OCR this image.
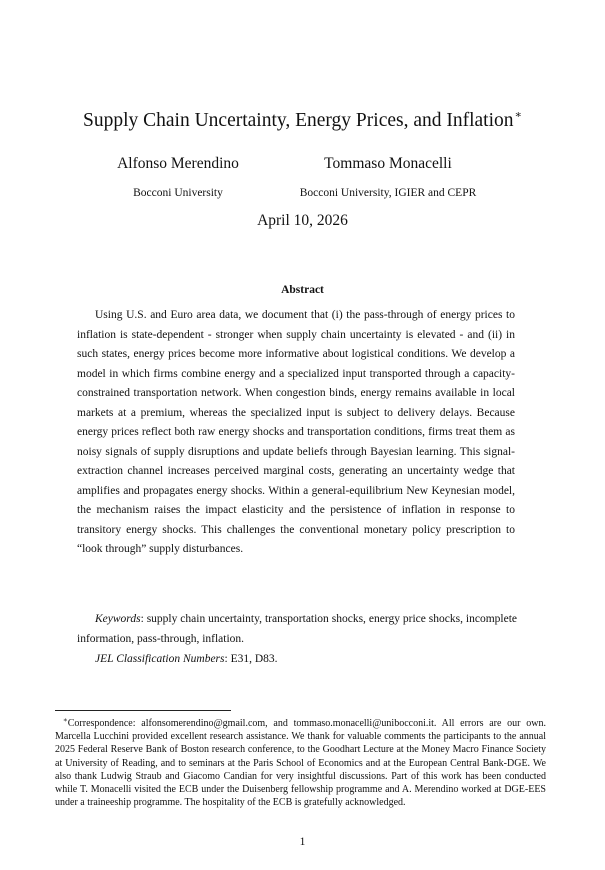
Supply Chain Uncertainty, Energy Prices, and Inflation∗
Alfonso Merendino
Bocconi University
Tommaso Monacelli
Bocconi University, IGIER and CEPR
April 10, 2026
Abstract

Using U.S. and Euro area data, we document that (i) the pass-through of energy prices to inflation is state-dependent - stronger when supply chain uncertainty is elevated - and (ii) in such states, energy prices become more informative about logistical conditions. We develop a model in which firms combine energy and a specialized input transported through a capacity-constrained transportation network. When congestion binds, energy remains available in local markets at a premium, whereas the specialized input is subject to delivery delays. Because energy prices reflect both raw energy shocks and transportation conditions, firms treat them as noisy signals of supply disruptions and update beliefs through Bayesian learning. This signal-extraction channel increases perceived marginal costs, generating an uncertainty wedge that amplifies and propagates energy shocks. Within a general-equilibrium New Keynesian model, the mechanism raises the impact elasticity and the persistence of inflation in response to transitory energy shocks. This challenges the conventional monetary policy prescription to “look through” supply disturbances.

Keywords: supply chain uncertainty, transportation shocks, energy price shocks, incomplete information, pass-through, inflation.

JEL Classification Numbers: E31, D83.

∗Correspondence: alfonsomerendino@gmail.com, and tommaso.monacelli@unibocconi.it. All errors are our own. Marcella Lucchini provided excellent research assistance. We thank for valuable comments the participants to the annual 2025 Federal Reserve Bank of Boston research conference, to the Goodhart Lecture at the Money Macro Finance Society at University of Reading, and to seminars at the Paris School of Economics and at the European Central Bank-DGE. We also thank Ludwig Straub and Giacomo Candian for very insightful discussions. Part of this work has been conducted while T. Monacelli visited the ECB under the Duisenberg fellowship programme and A. Merendino worked at DGE-EES under a traineeship programme. The hospitality of the ECB is gratefully acknowledged.

1
